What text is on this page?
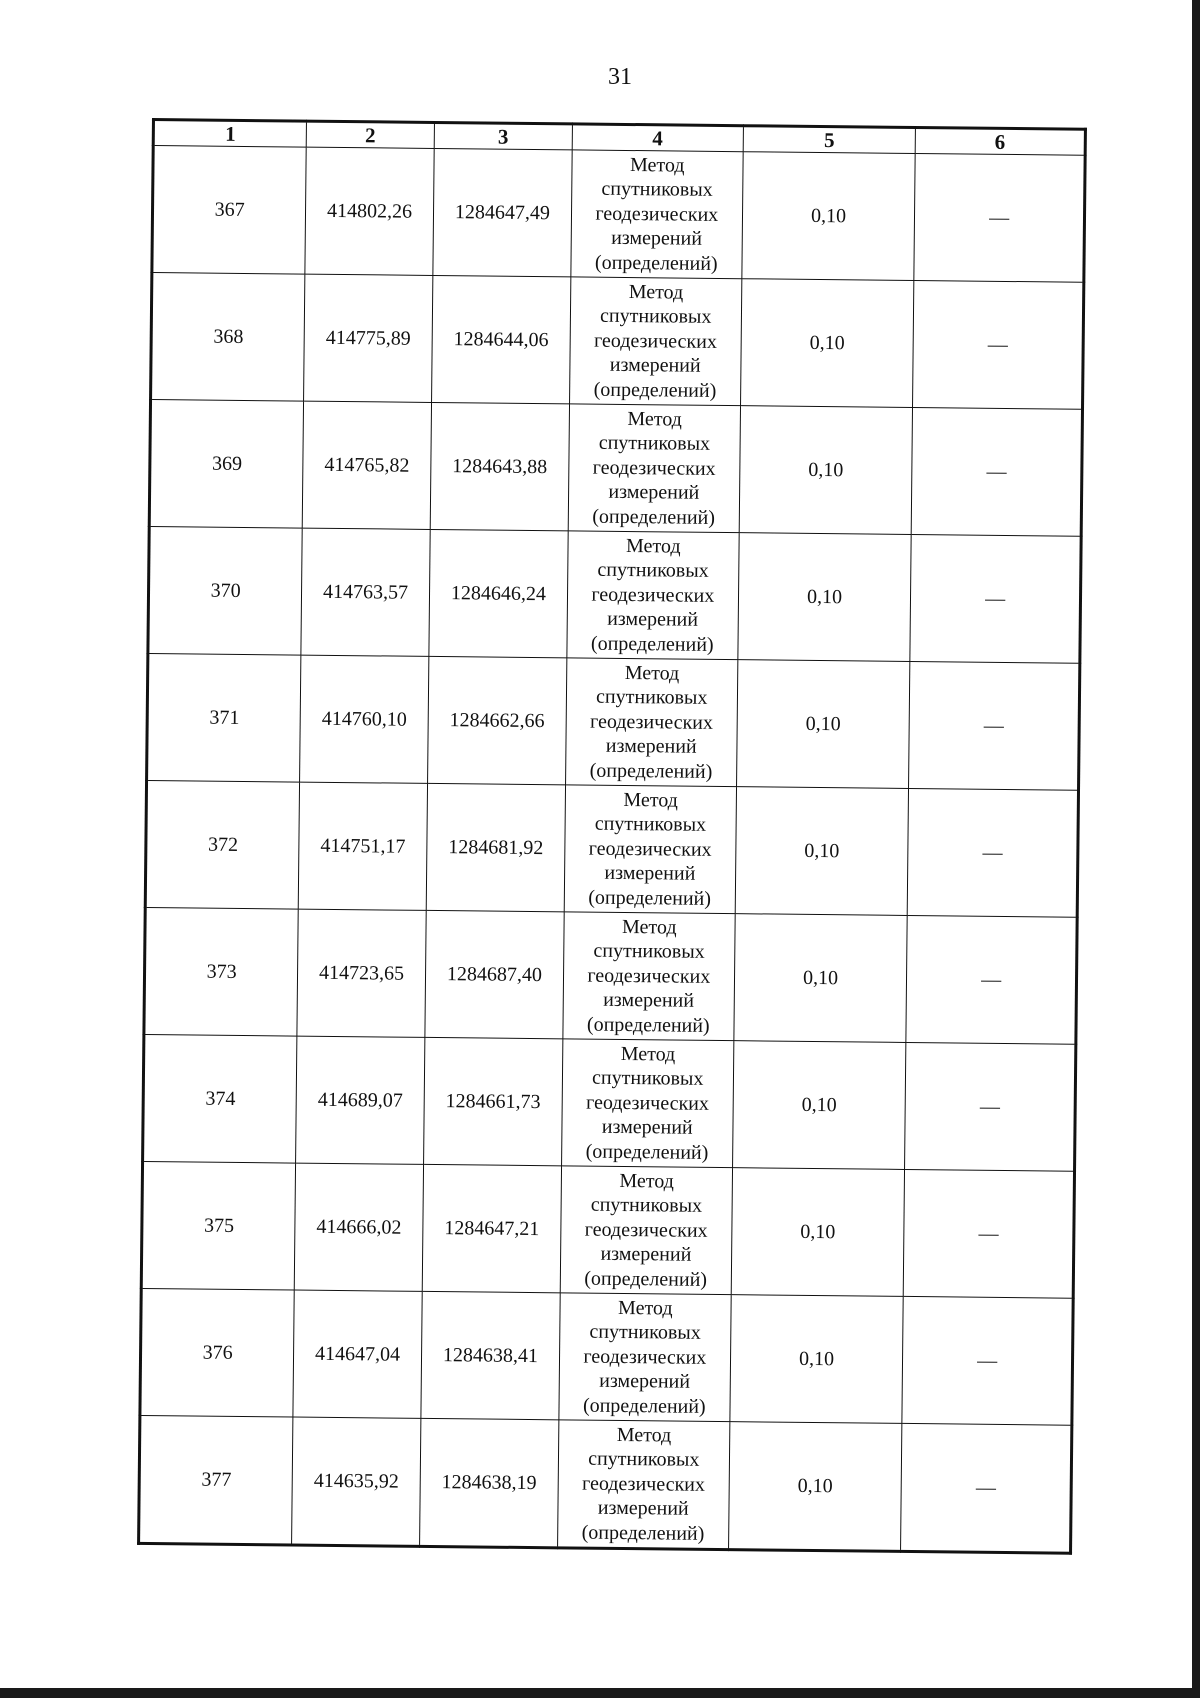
31
1	2	3	4	5	6
367	414802,26	1284647,49	Метод
спутниковых
геодезических
измерений
(определений)	0,10	—
368	414775,89	1284644,06	Метод
спутниковых
геодезических
измерений
(определений)	0,10	—
369	414765,82	1284643,88	Метод
спутниковых
геодезических
измерений
(определений)	0,10	—
370	414763,57	1284646,24	Метод
спутниковых
геодезических
измерений
(определений)	0,10	—
371	414760,10	1284662,66	Метод
спутниковых
геодезических
измерений
(определений)	0,10	—
372	414751,17	1284681,92	Метод
спутниковых
геодезических
измерений
(определений)	0,10	—
373	414723,65	1284687,40	Метод
спутниковых
геодезических
измерений
(определений)	0,10	—
374	414689,07	1284661,73	Метод
спутниковых
геодезических
измерений
(определений)	0,10	—
375	414666,02	1284647,21	Метод
спутниковых
геодезических
измерений
(определений)	0,10	—
376	414647,04	1284638,41	Метод
спутниковых
геодезических
измерений
(определений)	0,10	—
377	414635,92	1284638,19	Метод
спутниковых
геодезических
измерений
(определений)	0,10	—
